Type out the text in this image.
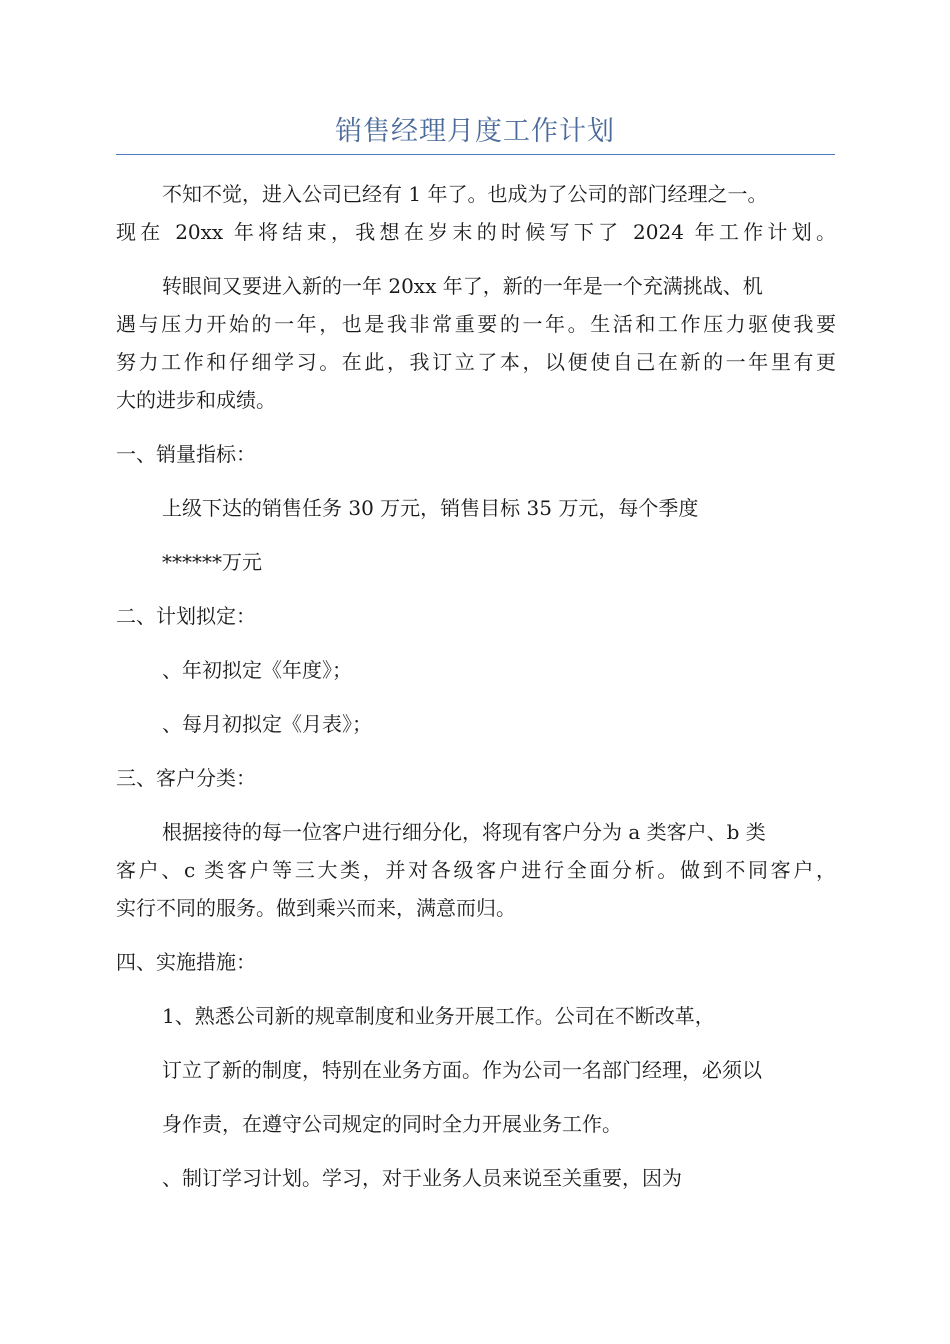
销售经理月度工作计划
不知不觉，进入公司已经有 1 年了。也成为了公司的部门经理之一。
现在 20xx 年将结束，我想在岁末的时候写下了 2024 年工作计划。
转眼间又要进入新的一年 20xx 年了，新的一年是一个充满挑战、机
遇与压力开始的一年，也是我非常重要的一年。生活和工作压力驱使我要
努力工作和仔细学习。在此，我订立了本，以便使自己在新的一年里有更
大的进步和成绩。
一、销量指标：
上级下达的销售任务 30 万元，销售目标 35 万元，每个季度
******万元
二、计划拟定：
、年初拟定《年度》；
、每月初拟定《月表》；
三、客户分类：
根据接待的每一位客户进行细分化，将现有客户分为 a 类客户、b 类
客户、c 类客户等三大类，并对各级客户进行全面分析。做到不同客户，
实行不同的服务。做到乘兴而来，满意而归。
四、实施措施：
1、熟悉公司新的规章制度和业务开展工作。公司在不断改革，
订立了新的制度，特别在业务方面。作为公司一名部门经理，必须以
身作责，在遵守公司规定的同时全力开展业务工作。
、制订学习计划。学习，对于业务人员来说至关重要，因为
